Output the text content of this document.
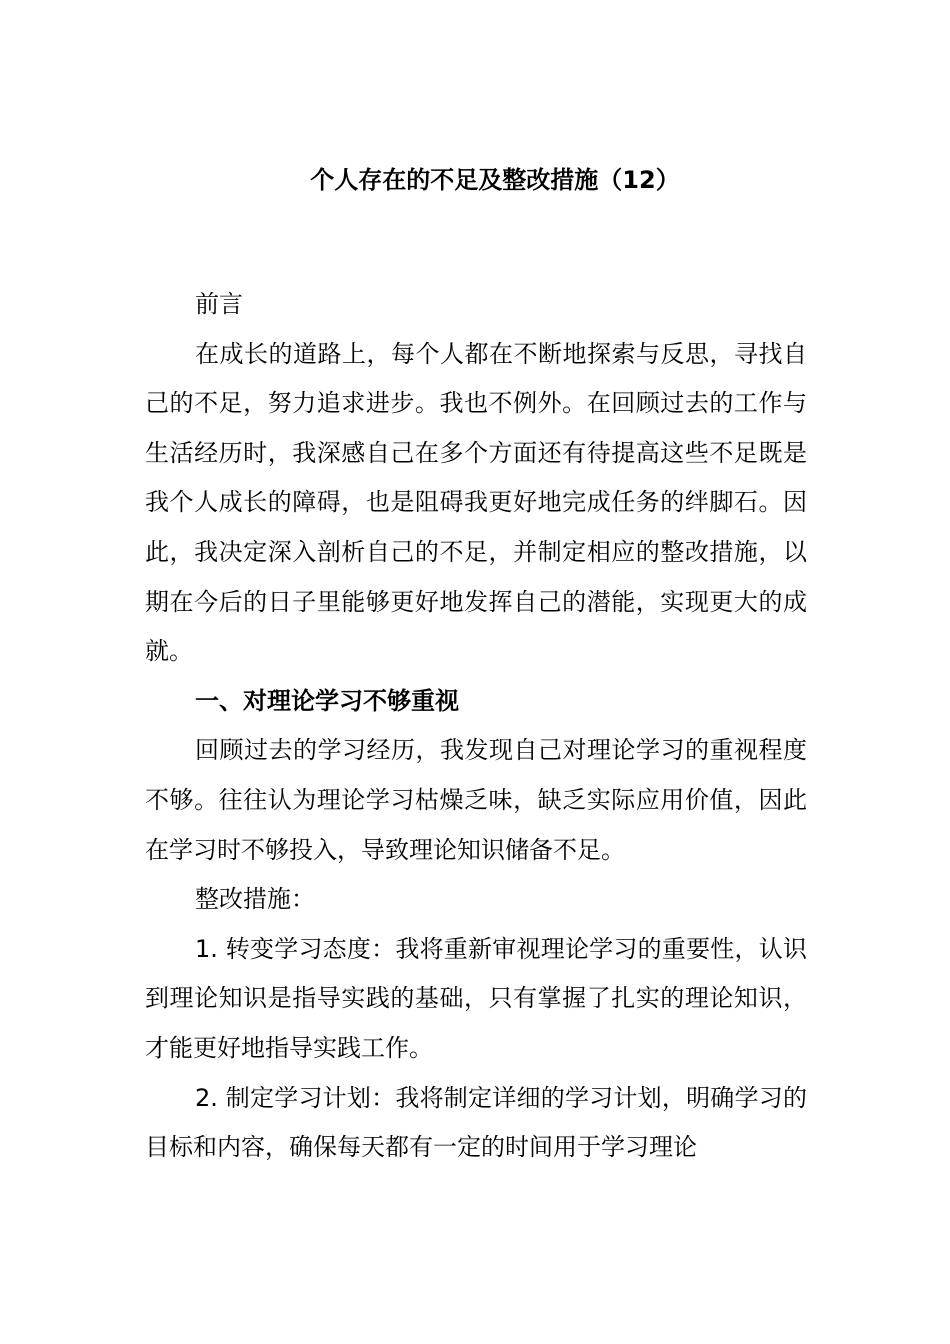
个人存在的不足及整改措施（12）

前言

在成长的道路上，每个人都在不断地探索与反思，寻找自己的不足，努力追求进步。我也不例外。在回顾过去的工作与生活经历时，我深感自己在多个方面还有待提高这些不足既是我个人成长的障碍，也是阻碍我更好地完成任务的绊脚石。因此，我决定深入剖析自己的不足，并制定相应的整改措施，以期在今后的日子里能够更好地发挥自己的潜能，实现更大的成就。

一、对理论学习不够重视

回顾过去的学习经历，我发现自己对理论学习的重视程度不够。往往认为理论学习枯燥乏味，缺乏实际应用价值，因此在学习时不够投入，导致理论知识储备不足。

整改措施：

1. 转变学习态度：我将重新审视理论学习的重要性，认识到理论知识是指导实践的基础，只有掌握了扎实的理论知识，才能更好地指导实践工作。

2. 制定学习计划：我将制定详细的学习计划，明确学习的目标和内容，确保每天都有一定的时间用于学习理论
